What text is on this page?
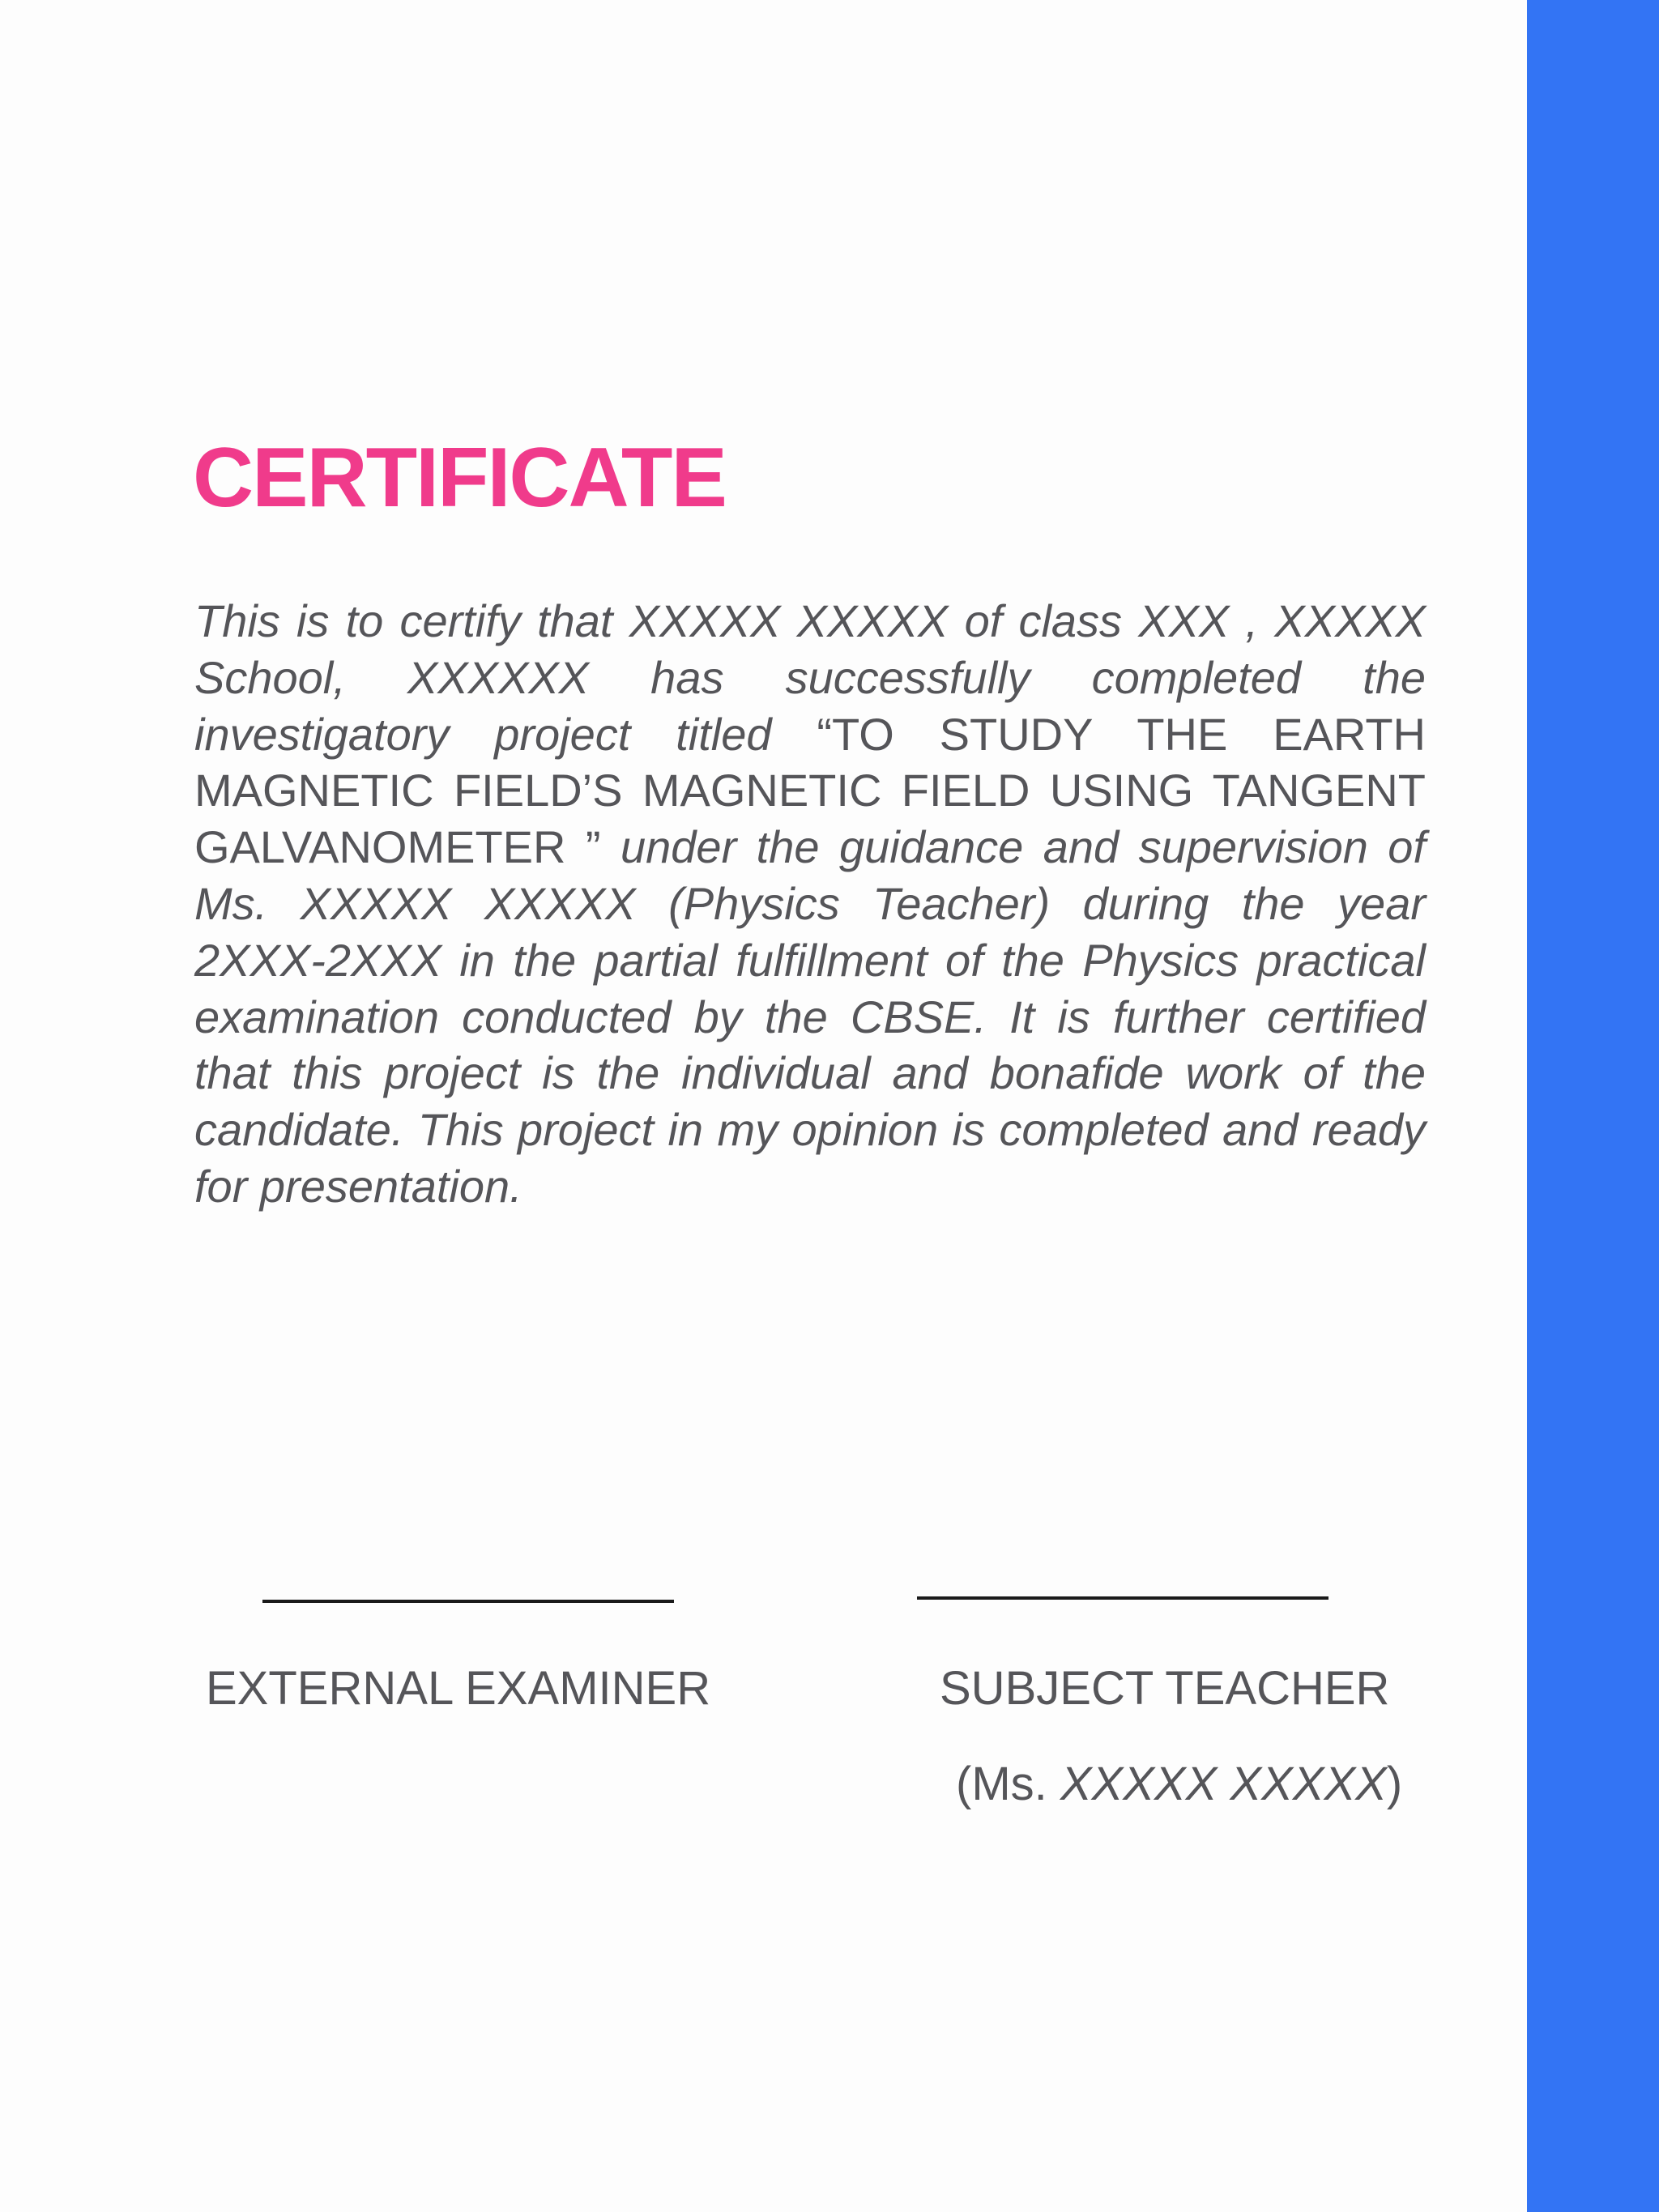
CERTIFICATE

This is to certify that XXXXX XXXXX of class XXX , XXXXX School, XXXXXX has successfully completed the investigatory project titled “TO STUDY THE EARTH MAGNETIC FIELD’S MAGNETIC FIELD USING TANGENT GALVANOMETER ” under the guidance and supervision of Ms. XXXXX XXXXX (Physics Teacher) during the year 2XXX-2XXX in the partial fulfillment of the Physics practical examination conducted by the CBSE. It is further certified that this project is the individual and bonafide work of the candidate. This project in my opinion is completed and ready for presentation.

EXTERNAL EXAMINER	SUBJECT TEACHER

(Ms. XXXXX XXXXX)
